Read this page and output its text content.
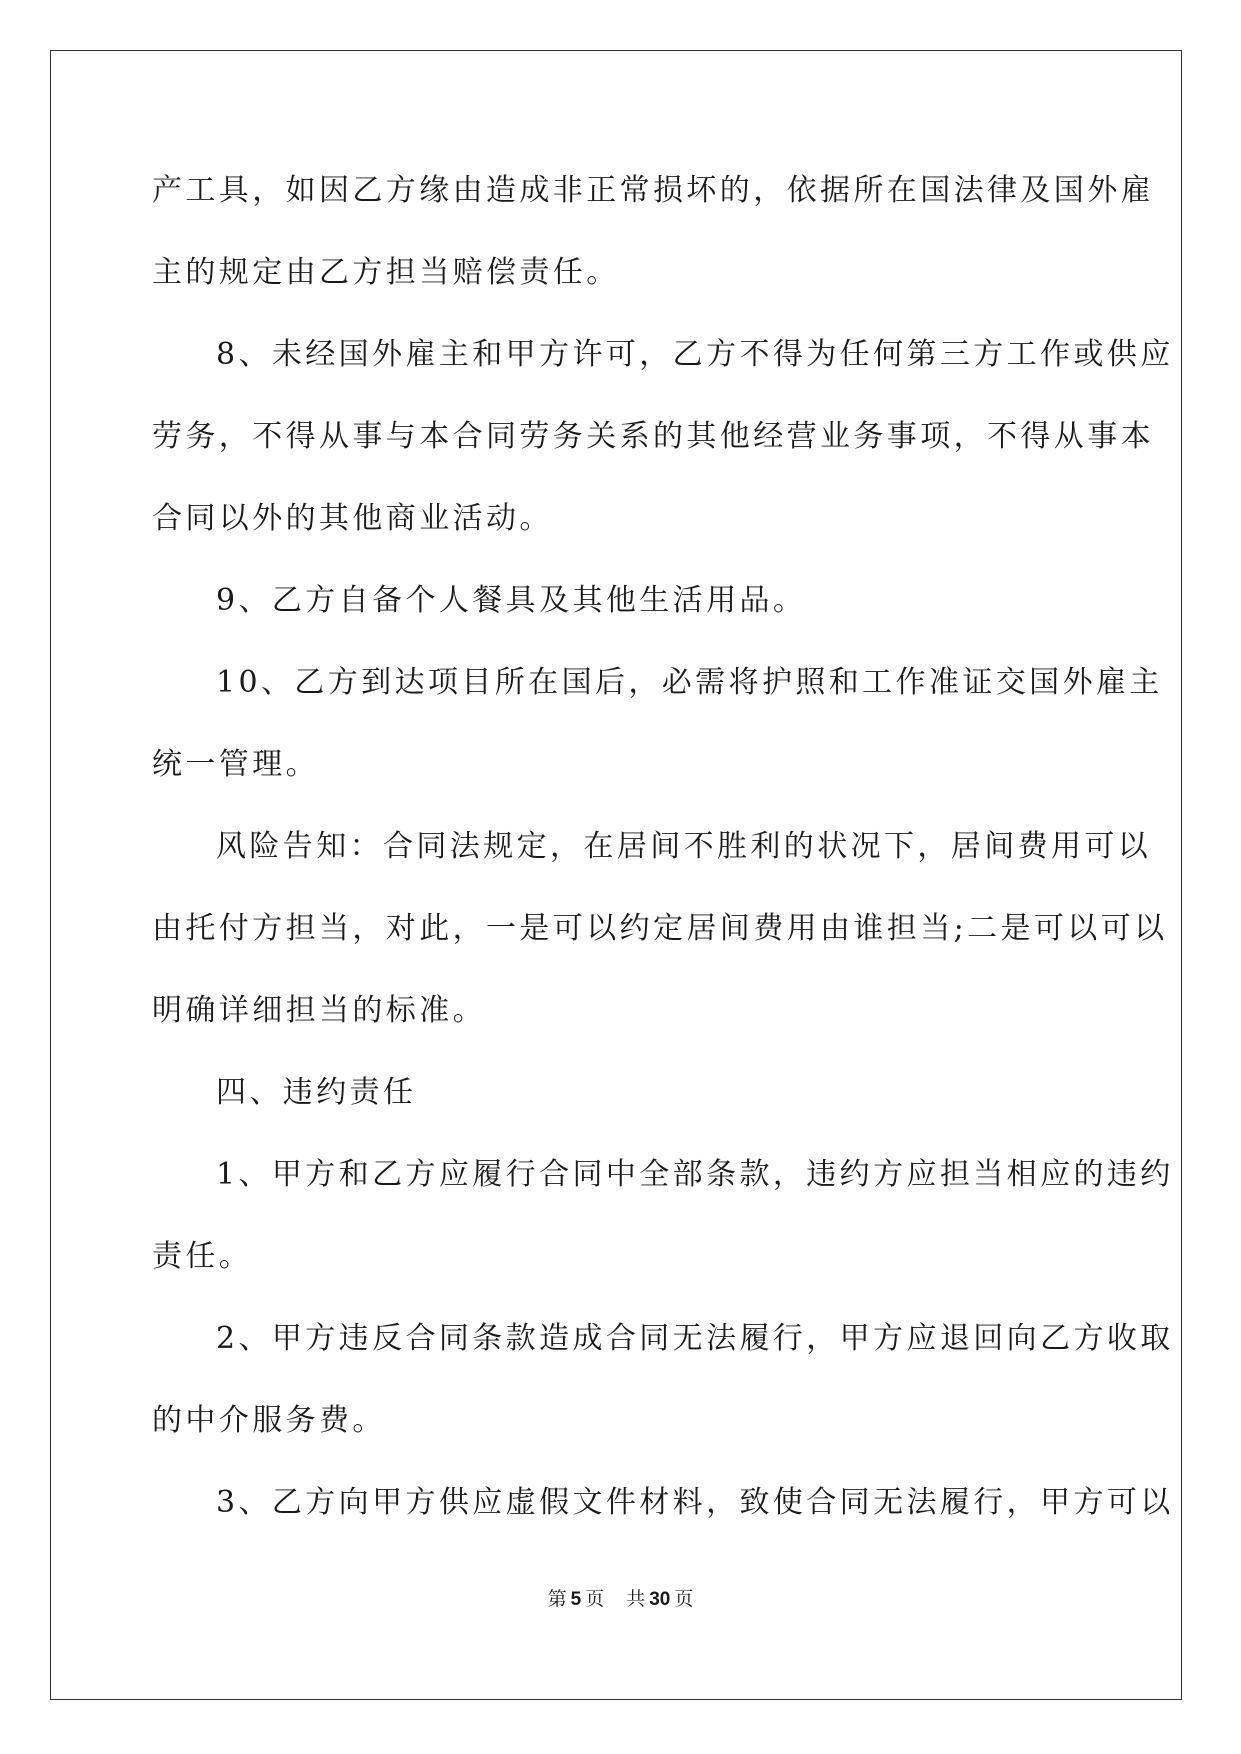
产工具，如因乙方缘由造成非正常损坏的，依据所在国法律及国外雇
主的规定由乙方担当赔偿责任。
8、未经国外雇主和甲方许可，乙方不得为任何第三方工作或供应
劳务，不得从事与本合同劳务关系的其他经营业务事项，不得从事本
合同以外的其他商业活动。
9、乙方自备个人餐具及其他生活用品。
10、乙方到达项目所在国后，必需将护照和工作准证交国外雇主
统一管理。
风险告知：合同法规定，在居间不胜利的状况下，居间费用可以
由托付方担当，对此，一是可以约定居间费用由谁担当;二是可以可以
明确详细担当的标准。
四、违约责任
1、甲方和乙方应履行合同中全部条款，违约方应担当相应的违约
责任。
2、甲方违反合同条款造成合同无法履行，甲方应退回向乙方收取
的中介服务费。
3、乙方向甲方供应虚假文件材料，致使合同无法履行，甲方可以
第 5 页 共 30 页
